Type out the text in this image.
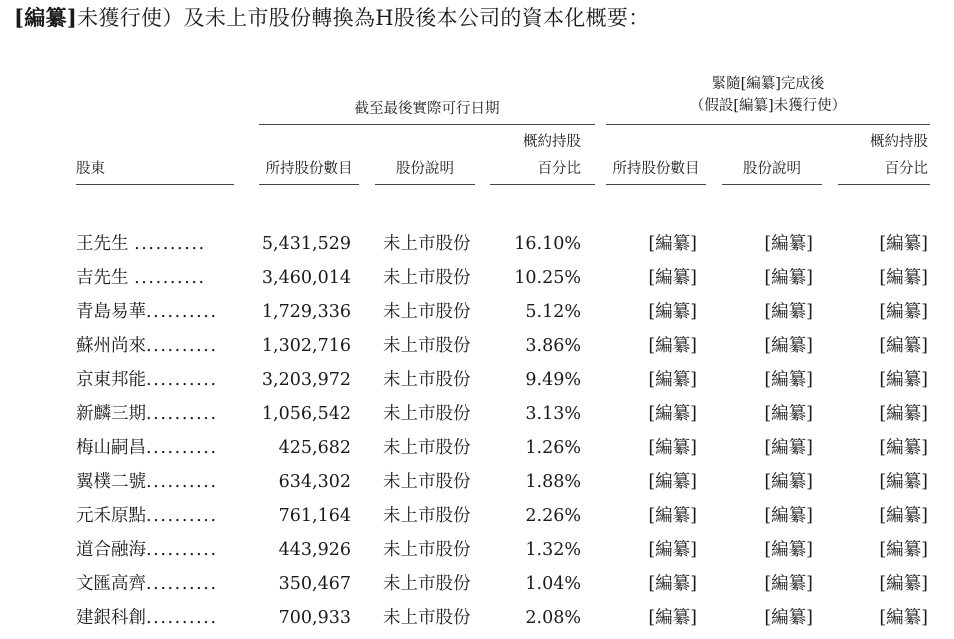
[編纂]未獲行使）及未上市股份轉換為H股後本公司的資本化概要：
截至最後實際可行日期
緊隨[編纂]完成後
（假設[編纂]未獲行使）
股東	所持股份數目	股份說明
概約持股
百分比	所持股份數目	股份說明
概約持股
百分比
王先生 ..........	5,431,529 未上市股份	16.10%	[編纂]	[編纂]	[編纂]
吉先生 ..........	3,460,014 未上市股份	10.25%	[編纂]	[編纂]	[編纂]
青島易華..........	1,729,336 未上市股份	5.12%	[編纂]	[編纂]	[編纂]
蘇州尚來..........	1,302,716 未上市股份	3.86%	[編纂]	[編纂]	[編纂]
京東邦能..........	3,203,972 未上市股份	9.49%	[編纂]	[編纂]	[編纂]
新麟三期..........	1,056,542 未上市股份	3.13%	[編纂]	[編纂]	[編纂]
梅山嗣昌..........	425,682 未上市股份	1.26%	[編纂]	[編纂]	[編纂]
翼樸二號..........	634,302 未上市股份	1.88%	[編纂]	[編纂]	[編纂]
元禾原點..........	761,164 未上市股份	2.26%	[編纂]	[編纂]	[編纂]
道合融海..........	443,926 未上市股份	1.32%	[編纂]	[編纂]	[編纂]
文匯高齊..........	350,467 未上市股份	1.04%	[編纂]	[編纂]	[編纂]
建銀科創..........	700,933 未上市股份	2.08%	[編纂]	[編纂]	[編纂]
